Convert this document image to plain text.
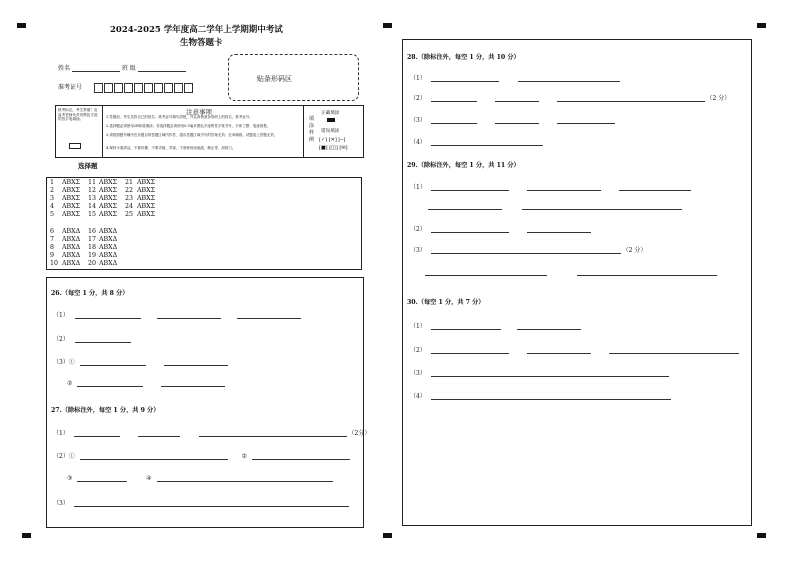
2024-2025 学年度高二学年上学期期中考试
生物答题卡
姓名	班 级
准考证号
贴条形码区
缺考标记，考生禁填！由监考老师负责用黑色字迹的签字笔填涂。
注意事项
1.答题前，考生先将自己的姓名、准考证号填写清楚，并认真核准条形码上的姓名、准考证号。
2.选择题必须使用2B铅笔填涂；非选择题必须使用0.5毫米黑色字迹的签字笔书写，字体工整、笔迹清楚。
3.请按照题号顺序在各题目的答题区域内作答，超出答题区域书写的答案无效；在草稿纸、试题卷上答题无效。
4.保持卡面清洁，不要折叠、不要弄破、弄皱，不准使用涂改液、修正带、刮纸刀。
填涂样例
正确填涂
错误填涂
[✓] [✕] [─]
[■] [◫] [✉]
选择题
1 ABXΣ 11 ABXΣ 21 ABXΣ
2 ABXΣ 12 ABXΣ 22 ABXΣ
3 ABXΣ 13 ABXΣ 23 ABXΣ
4 ABXΣ 14 ABXΣ 24 ABXΣ
5 ABXΣ 15 ABXΣ 25 ABXΣ
6 ABXΔ 16 ABXΔ
7 ABXΔ 17 ABXΔ
8 ABXΔ 18 ABXΔ
9 ABXΔ 19 ABXΔ
10 ABXΔ 20 ABXΔ
26.（每空 1 分，共 8 分）
（1）
（2）
（3）①
②
27.（除标注外，每空 1 分，共 9 分）
（1）	（2分）
（2）①	②
③	④
（3）
28.（除标注外，每空 1 分，共 10 分）
（1）
（2）	（2 分）
（3）
（4）
29.（除标注外，每空 1 分，共 11 分）
（1）

（2）
（3）	（2 分）

30.（每空 1 分，共 7 分）
（1）
（2）
（3）
（4）
